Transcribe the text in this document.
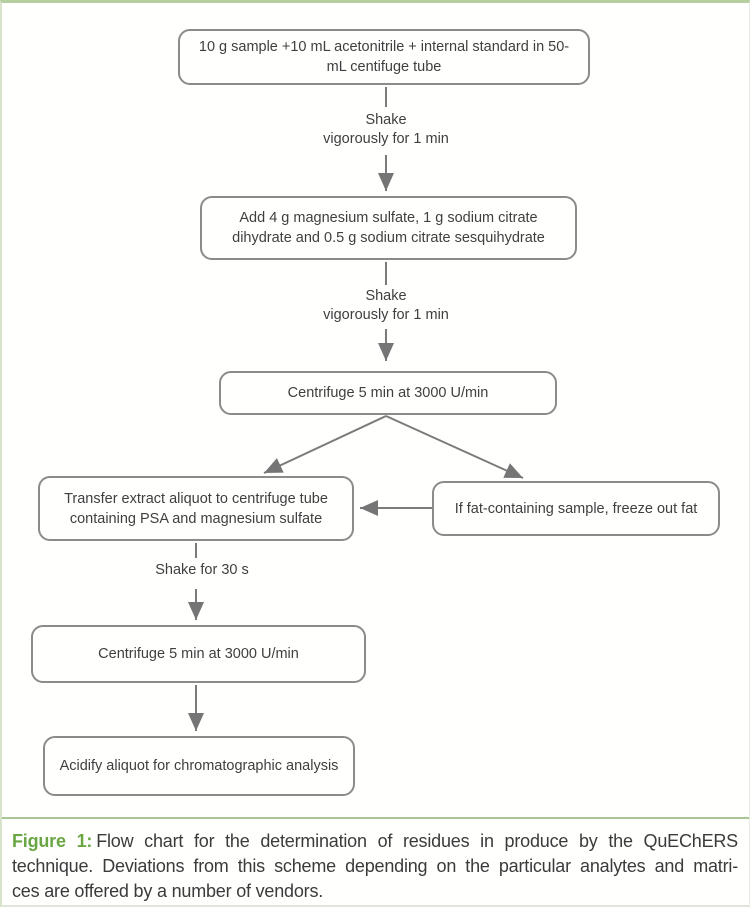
10 g sample +10 mL acetonitrile + internal standard in 50-mL centifuge tube
Shake
vigorously for 1 min
Add 4 g magnesium sulfate, 1 g sodium citrate dihydrate and 0.5 g sodium citrate sesquihydrate
Shake
vigorously for 1 min
Centrifuge 5 min at 3000 U/min
Transfer extract aliquot to centrifuge tube containing PSA and magnesium sulfate
If fat-containing sample, freeze out fat
Shake for 30 s
Centrifuge 5 min at 3000 U/min
Acidify aliquot for chromatographic analysis
Figure 1: Flow chart for the determination of residues in produce by the QuEChERS
technique. Deviations from this scheme depending on the particular analytes and matri-
ces are offered by a number of vendors.
